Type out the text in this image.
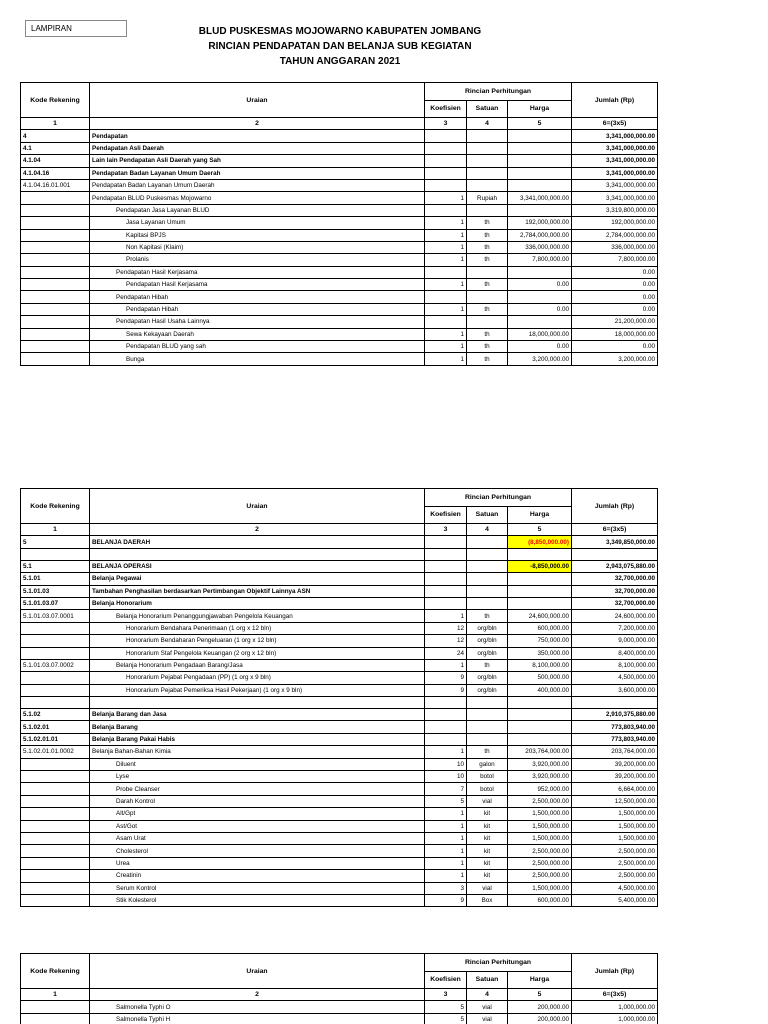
LAMPIRAN	BLUD PUSKESMAS MOJOWARNO KABUPATEN JOMBANG
RINCIAN PENDAPATAN DAN BELANJA SUB KEGIATAN
TAHUN ANGGARAN 2021
Kode Rekening	Uraian	Rincian Perhitungan			Jumlah (Rp)
		Koefisien	Satuan	Harga	
1	2	3	4	5	6=(3x5)
4	Pendapatan				3,341,000,000.00
4.1	Pendapatan Asli Daerah				3,341,000,000.00
4.1.04	Lain lain Pendapatan Asli Daerah yang Sah				3,341,000,000.00
4.1.04.16	Pendapatan Badan Layanan Umum Daerah				3,341,000,000.00
4.1.04.16.01.001	Pendapatan Badan Layanan Umum Daerah				3,341,000,000.00
	Pendapatan BLUD Puskesmas Mojowarno	1	Rupiah	3,341,000,000.00	3,341,000,000.00
	Pendapatan Jasa Layanan BLUD				3,319,800,000.00
	Jasa Layanan Umum	1	th	192,000,000.00	192,000,000.00
	Kapitasi BPJS	1	th	2,784,000,000.00	2,784,000,000.00
	Non Kapitasi (Klaim)	1	th	336,000,000.00	336,000,000.00
	Prolanis	1	th	7,800,000.00	7,800,000.00
	Pendapatan Hasil Kerjasama				0.00
	Pendapatan Hasil Kerjasama	1	th	0.00	0.00
	Pendapatan Hibah				0.00
	Pendapatan Hibah	1	th	0.00	0.00
	Pendapatan Hasil Usaha Lainnya				21,200,000.00
	Sewa Kekayaan Daerah	1	th	18,000,000.00	18,000,000.00
	Pendapatan BLUD yang sah	1	th	0.00	0.00
	Bunga	1	th	3,200,000.00	3,200,000.00
Kode Rekening	Uraian	Rincian Perhitungan			Jumlah (Rp)
		Koefisien	Satuan	Harga	
1	2	3	4	5	6=(3x5)
5	BELANJA DAERAH			(8,850,000.00)	3,349,850,000.00

5.1	BELANJA OPERASI			-8,850,000.00	2,943,075,880.00
5.1.01	Belanja Pegawai				32,700,000.00
5.1.01.03	Tambahan Penghasilan berdasarkan Pertimbangan Objektif Lainnya ASN				32,700,000.00
5.1.01.03.07	Belanja Honorarium				32,700,000.00
5.1.01.03.07.0001	Belanja Honorarium Penanggungjawaban Pengelola Keuangan	1	th	24,600,000.00	24,600,000.00
	Honorarium Bendahara Penerimaan (1 org x 12 bln)	12	org/bln	600,000.00	7,200,000.00
	Honorarium Bendaharan Pengeluaran (1 org x 12 bln)	12	org/bln	750,000.00	9,000,000.00
	Honorarium Staf Pengelola Keuangan (2 org x 12 bln)	24	org/bln	350,000.00	8,400,000.00
5.1.01.03.07.0002	Belanja Honorarium Pengadaan Barang/Jasa	1	th	8,100,000.00	8,100,000.00
	Honorarium Pejabat Pengadaan (PP) (1 org x 9 bln)	9	org/bln	500,000.00	4,500,000.00
	Honorarium Pejabat Pemeriksa Hasil Pekerjaan) (1 org x 9 bln)	9	org/bln	400,000.00	3,600,000.00

5.1.02	Belanja Barang dan Jasa				2,910,375,880.00
5.1.02.01	Belanja Barang				773,803,940.00
5.1.02.01.01	Belanja Barang Pakai Habis				773,803,940.00
5.1.02.01.01.0002	Belanja Bahan-Bahan Kimia	1	th	203,764,000.00	203,764,000.00
	Diluent	10	galon	3,920,000.00	39,200,000.00
	Lyse	10	botol	3,920,000.00	39,200,000.00
	Probe Cleanser	7	botol	952,000.00	6,664,000.00
	Darah Kontrol	5	vial	2,500,000.00	12,500,000.00
	Alt/Gpt	1	kit	1,500,000.00	1,500,000.00
	Ast/Got	1	kit	1,500,000.00	1,500,000.00
	Asam Urat	1	kit	1,500,000.00	1,500,000.00
	Cholesterol	1	kit	2,500,000.00	2,500,000.00
	Urea	1	kit	2,500,000.00	2,500,000.00
	Creatinin	1	kit	2,500,000.00	2,500,000.00
	Serum Kontrol	3	vial	1,500,000.00	4,500,000.00
	Stik Kolesterol	9	Box	600,000.00	5,400,000.00
Kode Rekening	Uraian	Rincian Perhitungan			Jumlah (Rp)
		Koefisien	Satuan	Harga	
1	2	3	4	5	6=(3x5)
	Salmonella Typhi O	5	vial	200,000.00	1,000,000.00
	Salmonella Typhi H	5	vial	200,000.00	1,000,000.00
